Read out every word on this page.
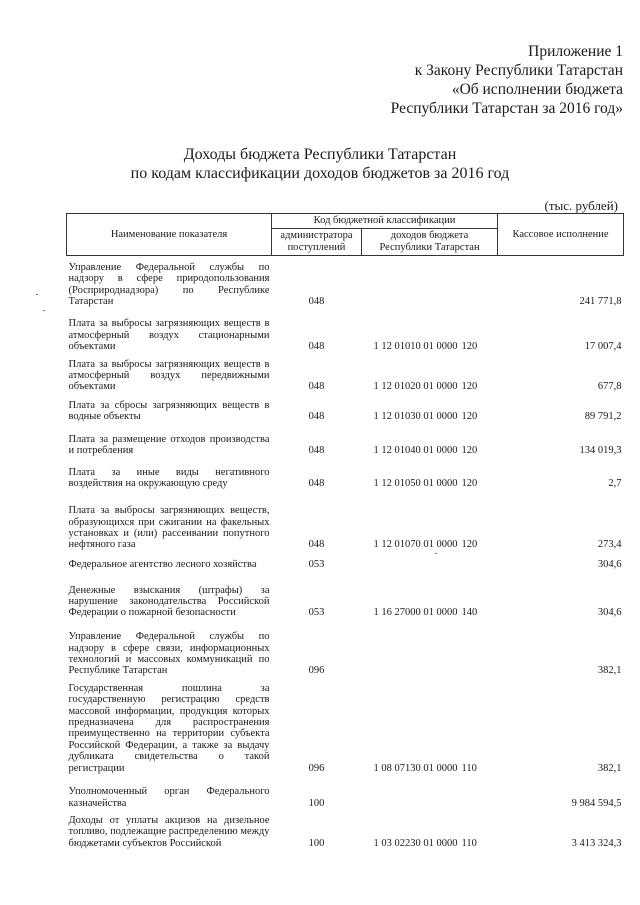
Приложение 1
к Закону Республики Татарстан
«Об исполнении бюджета
Республики Татарстан за 2016 год»
Доходы бюджета Республики Татарстан
по кодам классификации доходов бюджетов за 2016 год
(тыс. рублей)
Наименование показателя	Код бюджетной классификации			Кассовое исполнение
	администратора поступлений	доходов бюджета Республики Татарстан		
Управление Федеральной службы по надзору в сфере природопользования (Росприроднадзора) по Республике Татарстан	048			241 771,8
Плата за выбросы загрязняющих веществ в атмосферный воздух стационарными объектами	048	1 12 01010 01 0000	120	17 007,4
Плата за выбросы загрязняющих веществ в атмосферный воздух передвижными объектами	048	1 12 01020 01 0000	120	677,8
Плата за сбросы загрязняющих веществ в водные объекты	048	1 12 01030 01 0000	120	89 791,2
Плата за размещение отходов производства и потребления	048	1 12 01040 01 0000	120	134 019,3
Плата за иные виды негативного воздействия на окружающую среду	048	1 12 01050 01 0000	120	2,7
Плата за выбросы загрязняющих веществ, образующихся при сжигании на факельных установках и (или) рассеивании попутного нефтяного газа	048	1 12 01070 01 0000	120	273,4
Федеральное агентство лесного хозяйства	053			304,6
Денежные взыскания (штрафы) за нарушение законодательства Российской Федерации о пожарной безопасности	053	1 16 27000 01 0000	140	304,6
Управление Федеральной службы по надзору в сфере связи, информационных технологий и массовых коммуникаций по Республике Татарстан	096			382,1
Государственная пошлина за государственную регистрацию средств массовой информации, продукция которых предназначена для распространения преимущественно на территории субъекта Российской Федерации, а также за выдачу дубликата свидетельства о такой регистрации	096	1 08 07130 01 0000	110	382,1
Уполномоченный орган Федерального казначейства	100			9 984 594,5
Доходы от уплаты акцизов на дизельное топливо, подлежащие распределению между бюджетами субъектов Российской	100	1 03 02230 01 0000	110	3 413 324,3
